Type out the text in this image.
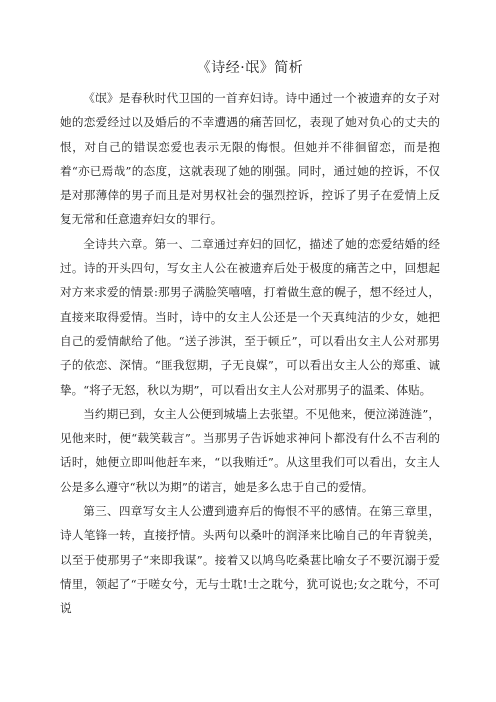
《诗经·氓》简析

《氓》是春秋时代卫国的一首弃妇诗。诗中通过一个被遗弃的女子对她的恋爱经过以及婚后的不幸遭遇的痛苦回忆，表现了她对负心的丈夫的恨，对自己的错误恋爱也表示无限的悔恨。但她并不徘徊留恋，而是抱着“亦已焉哉”的态度，这就表现了她的刚强。同时，通过她的控诉，不仅是对那薄倖的男子而且是对男权社会的强烈控诉，控诉了男子在爱情上反复无常和任意遗弃妇女的罪行。

全诗共六章。第一、二章通过弃妇的回忆，描述了她的恋爱结婚的经过。诗的开头四句，写女主人公在被遗弃后处于极度的痛苦之中，回想起对方来求爱的情景:那男子满脸笑嘻嘻，打着做生意的幌子，想不经过人，直接来取得爱情。当时，诗中的女主人公还是一个天真纯洁的少女，她把自己的爱情献给了他。“送子涉淇，至于顿丘”，可以看出女主人公对那男子的依恋、深情。“匪我愆期，子无良媒”，可以看出女主人公的郑重、诚挚。“将子无怒，秋以为期”，可以看出女主人公对那男子的温柔、体贴。

当约期已到，女主人公便到城墙上去张望。不见他来，便泣涕涟涟”，见他来时，便“载笑载言”。当那男子告诉她求神问卜都没有什么不吉利的话时，她便立即叫他赶车来，“以我贿迁”。从这里我们可以看出，女主人公是多么遵守“秋以为期”的诺言，她是多么忠于自己的爱情。

第三、四章写女主人公遭到遗弃后的悔恨不平的感情。在第三章里，诗人笔锋一转，直接抒情。头两句以桑叶的润泽来比喻自己的年青貌美，以至于使那男子“来即我谋”。接着又以鸠鸟吃桑葚比喻女子不要沉溺于爱情里，领起了“于嗟女兮，无与士耽!士之耽兮，犹可说也;女之耽兮，不可说
